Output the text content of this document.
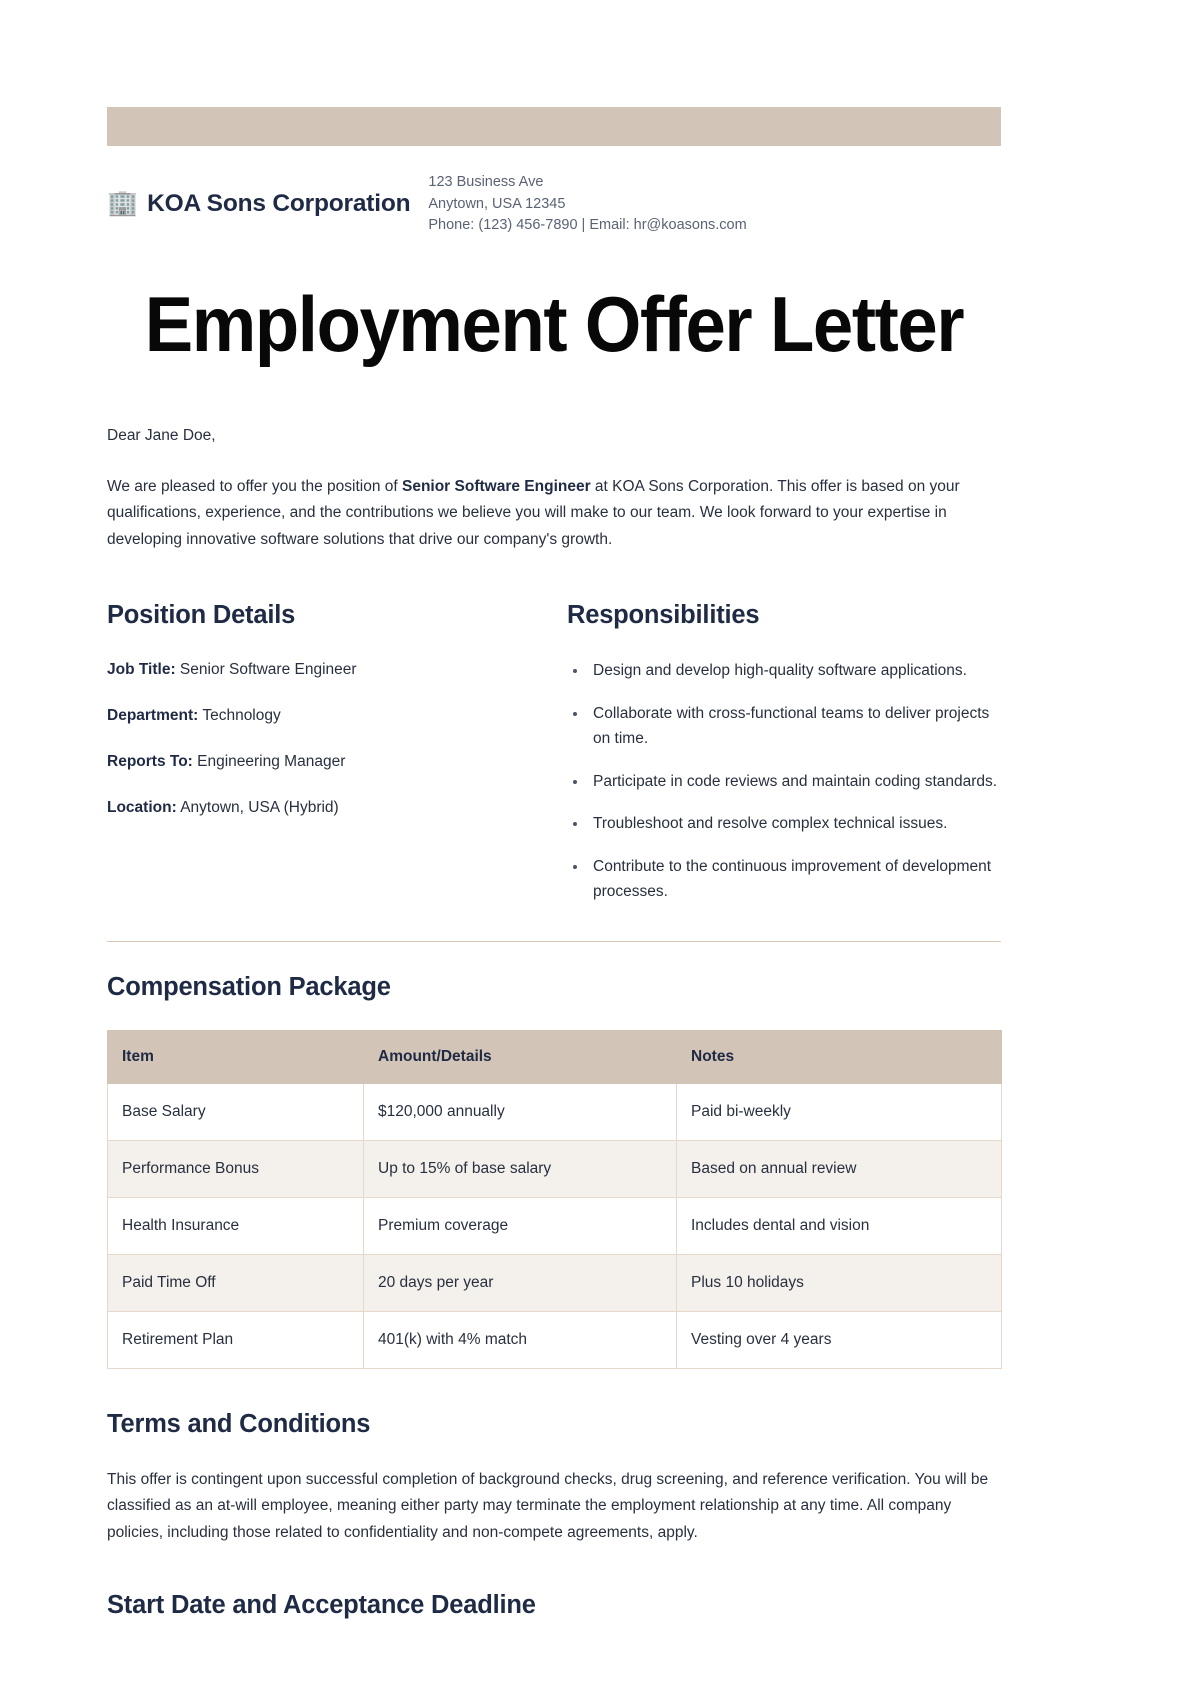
🏢 KOA Sons Corporation
123 Business Ave
Anytown, USA 12345
Phone: (123) 456-7890 | Email: hr@koasons.com
Employment Offer Letter

Dear Jane Doe,

We are pleased to offer you the position of Senior Software Engineer at KOA Sons Corporation. This offer is based on your qualifications, experience, and the contributions we believe you will make to our team. We look forward to your expertise in developing innovative software solutions that drive our company's growth.

Position Details
Job Title: Senior Software Engineer
Department: Technology
Reports To: Engineering Manager
Location: Anytown, USA (Hybrid)
Responsibilities
Design and develop high-quality software applications.
Collaborate with cross-functional teams to deliver projects on time.
Participate in code reviews and maintain coding standards.
Troubleshoot and resolve complex technical issues.
Contribute to the continuous improvement of development processes.
Compensation Package
Item	Amount/Details	Notes
Base Salary	$120,000 annually	Paid bi-weekly
Performance Bonus	Up to 15% of base salary	Based on annual review
Health Insurance	Premium coverage	Includes dental and vision
Paid Time Off	20 days per year	Plus 10 holidays
Retirement Plan	401(k) with 4% match	Vesting over 4 years
Terms and Conditions

This offer is contingent upon successful completion of background checks, drug screening, and reference verification. You will be classified as an at-will employee, meaning either party may terminate the employment relationship at any time. All company policies, including those related to confidentiality and non-compete agreements, apply.

Start Date and Acceptance Deadline
